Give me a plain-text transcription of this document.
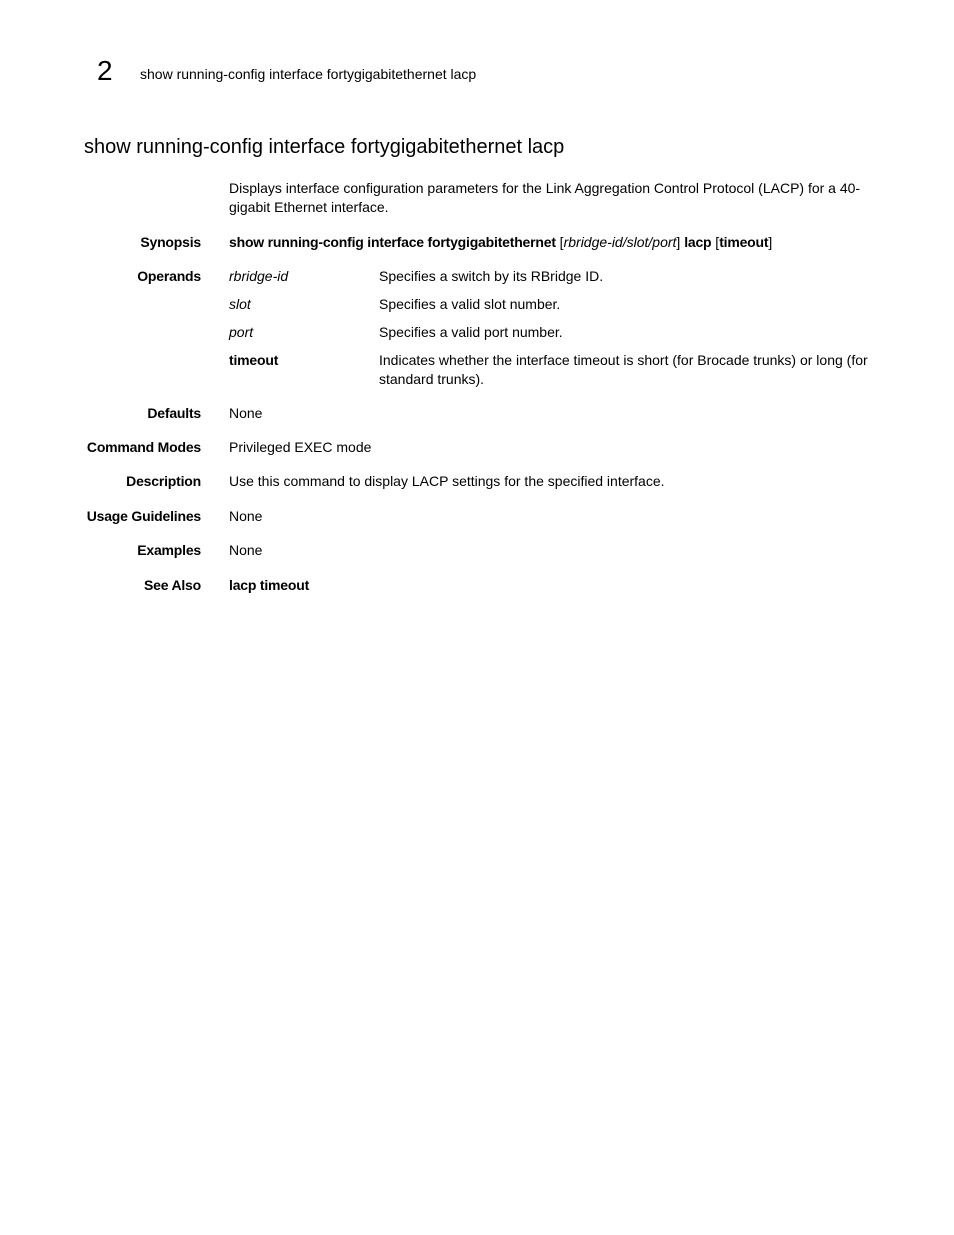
2 show running-config interface fortygigabitethernet lacp
show running-config interface fortygigabitethernet lacp
Displays interface configuration parameters for the Link Aggregation Control Protocol (LACP) for a 40-gigabit Ethernet interface.
Synopsis show running-config interface fortygigabitethernet [rbridge-id/slot/port] lacp [timeout]
Operands rbridge-id	Specifies a switch by its RBridge ID.
slot	Specifies a valid slot number.
port	Specifies a valid port number.
timeout	Indicates whether the interface timeout is short (for Brocade trunks) or long (for standard trunks).
Defaults None
Command Modes Privileged EXEC mode
Description Use this command to display LACP settings for the specified interface.
Usage Guidelines None
Examples None
See Also lacp timeout
